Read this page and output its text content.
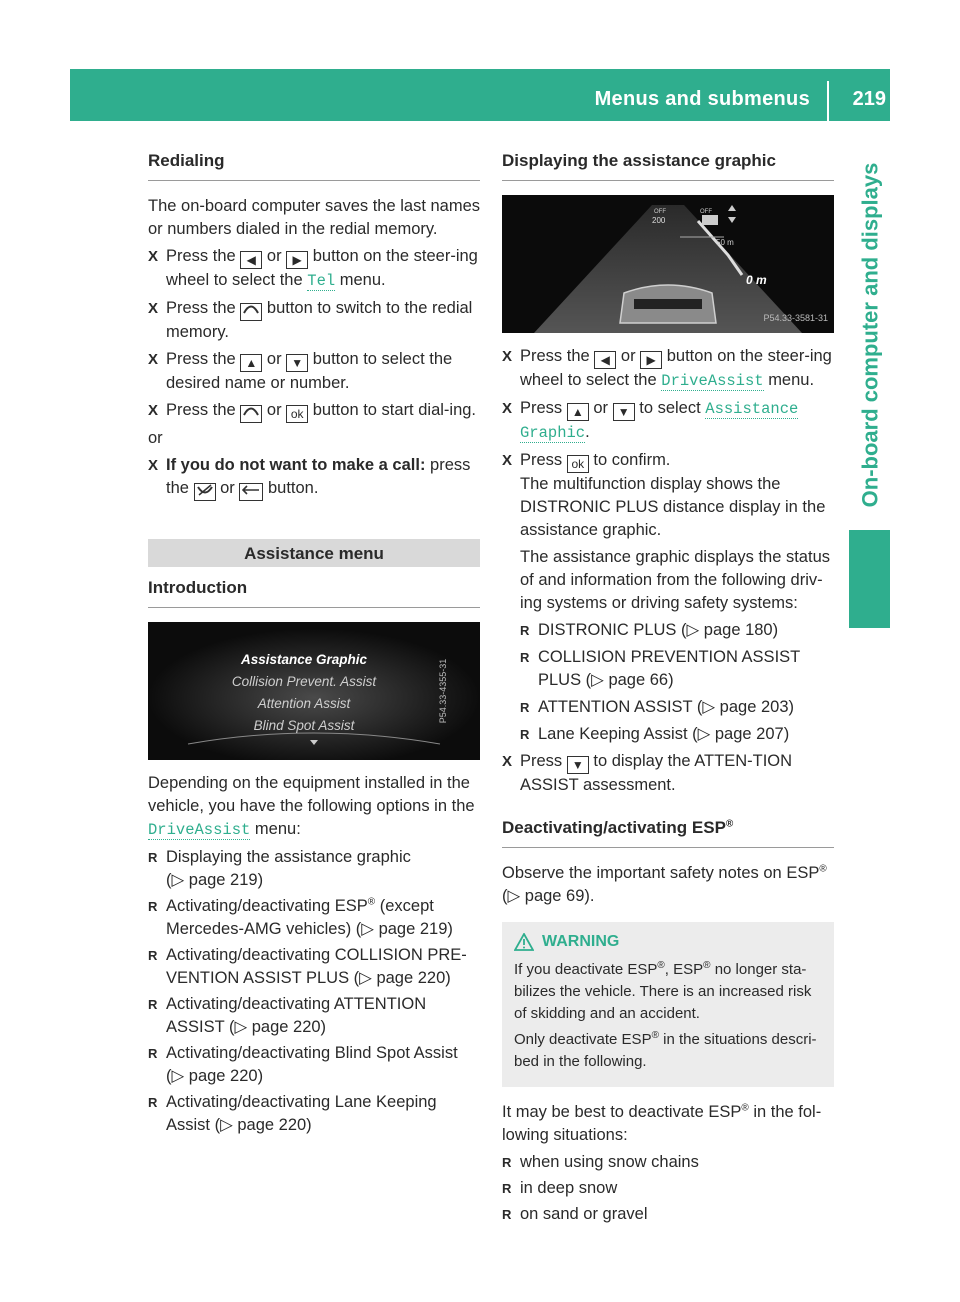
Menus and submenus 219
On-board computer and displays
Redialing

The on-board computer saves the last names or numbers dialed in the redial memory.

X Press the ◀ or ▶ button on the steer-ing wheel to select the Tel menu.
X Press the button to switch to the redial memory.
X Press the ▲ or ▼ button to select the desired name or number.
X Press the or ok button to start dial-ing.

or

X If you do not want to make a call: press the or button.
Assistance menu
Introduction
Assistance Graphic
Collision Prevent. Assist
Attention Assist
Blind Spot Assist
P54.33-4355-31

Depending on the equipment installed in the vehicle, you have the following options in the DriveAssist menu:

R Displaying the assistance graphic
(▷ page 219)
R Activating/deactivating ESP® (except Mercedes-AMG vehicles) (▷ page 219)
R Activating/deactivating COLLISION PRE-VENTION ASSIST PLUS (▷ page 220)
R Activating/deactivating ATTENTION ASSIST (▷ page 220)
R Activating/deactivating Blind Spot Assist
(▷ page 220)
R Activating/deactivating Lane Keeping Assist (▷ page 220)
Displaying the assistance graphic
OFF
200
OFF
50 m
0 m
P54.33-3581-31
X Press the ◀ or ▶ button on the steer-ing wheel to select the DriveAssist menu.
X Press ▲ or ▼ to select Assistance Graphic.
X Press ok to confirm.

The multifunction display shows the DISTRONIC PLUS distance display in the assistance graphic.

The assistance graphic displays the status of and information from the following driv-ing systems or driving safety systems:

R DISTRONIC PLUS (▷ page 180)
R COLLISION PREVENTION ASSIST PLUS (▷ page 66)
R ATTENTION ASSIST (▷ page 203)
R Lane Keeping Assist (▷ page 207)
X Press ▼ to display the ATTEN-TION ASSIST assessment.
Deactivating/activating ESP®

Observe the important safety notes on ESP®
(▷ page 69).

WARNING

If you deactivate ESP®, ESP® no longer sta-bilizes the vehicle. There is an increased risk of skidding and an accident.

Only deactivate ESP® in the situations descri-bed in the following.

It may be best to deactivate ESP® in the fol-lowing situations:

R when using snow chains
R in deep snow
R on sand or gravel
